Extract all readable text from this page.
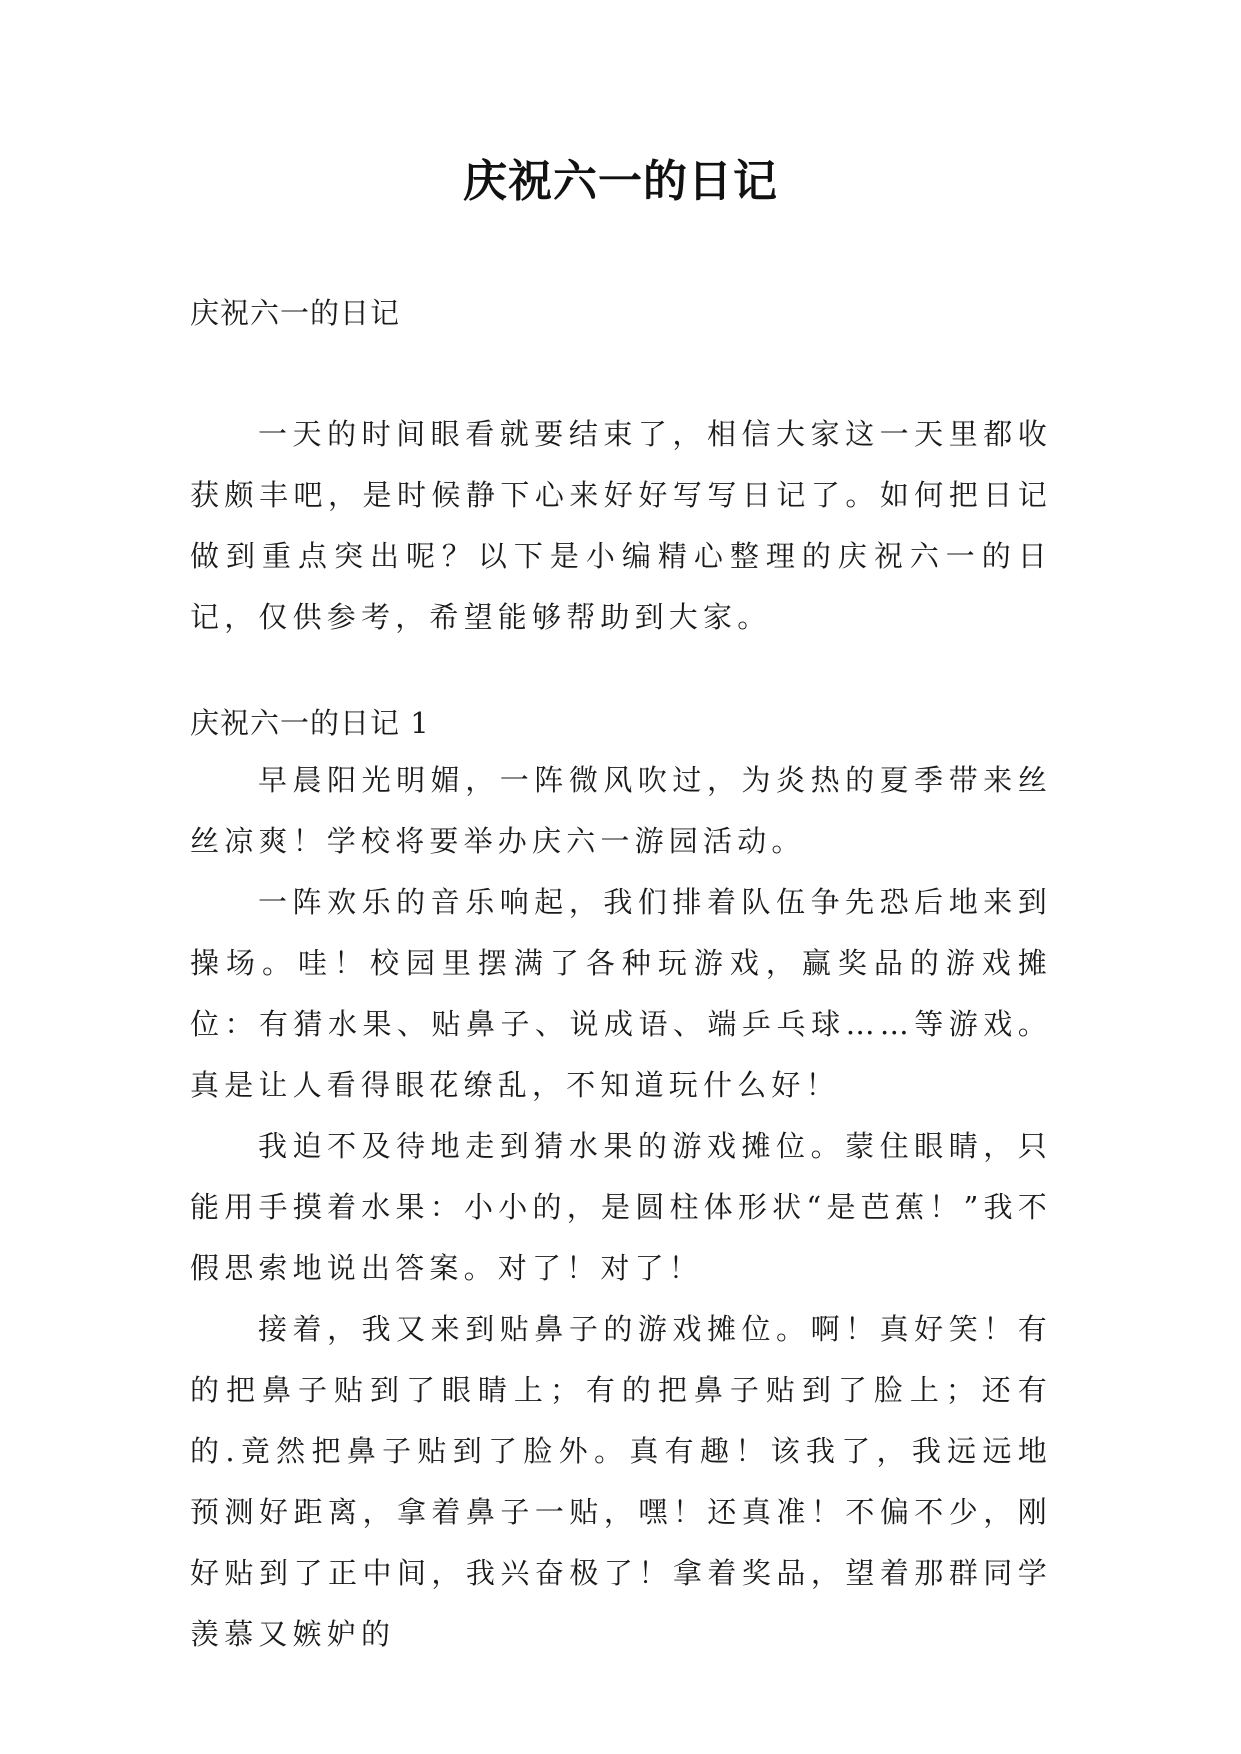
庆祝六一的日记

庆祝六一的日记

一天的时间眼看就要结束了，相信大家这一天里都收获颇丰吧，是时候静下心来好好写写日记了。如何把日记做到重点突出呢？以下是小编精心整理的庆祝六一的日记，仅供参考，希望能够帮助到大家。

庆祝六一的日记 1

早晨阳光明媚，一阵微风吹过，为炎热的夏季带来丝丝凉爽！学校将要举办庆六一游园活动。

一阵欢乐的音乐响起，我们排着队伍争先恐后地来到操场。哇！校园里摆满了各种玩游戏，赢奖品的游戏摊位：有猜水果、贴鼻子、说成语、端乒乓球……等游戏。真是让人看得眼花缭乱，不知道玩什么好！

我迫不及待地走到猜水果的游戏摊位。蒙住眼睛，只能用手摸着水果：小小的，是圆柱体形状“是芭蕉！”我不假思索地说出答案。对了！对了！

接着，我又来到贴鼻子的游戏摊位。啊！真好笑！有的把鼻子贴到了眼睛上；有的把鼻子贴到了脸上；还有的.竟然把鼻子贴到了脸外。真有趣！该我了，我远远地预测好距离，拿着鼻子一贴，嘿！还真准！不偏不少，刚好贴到了正中间，我兴奋极了！拿着奖品，望着那群同学羡慕又嫉妒的
